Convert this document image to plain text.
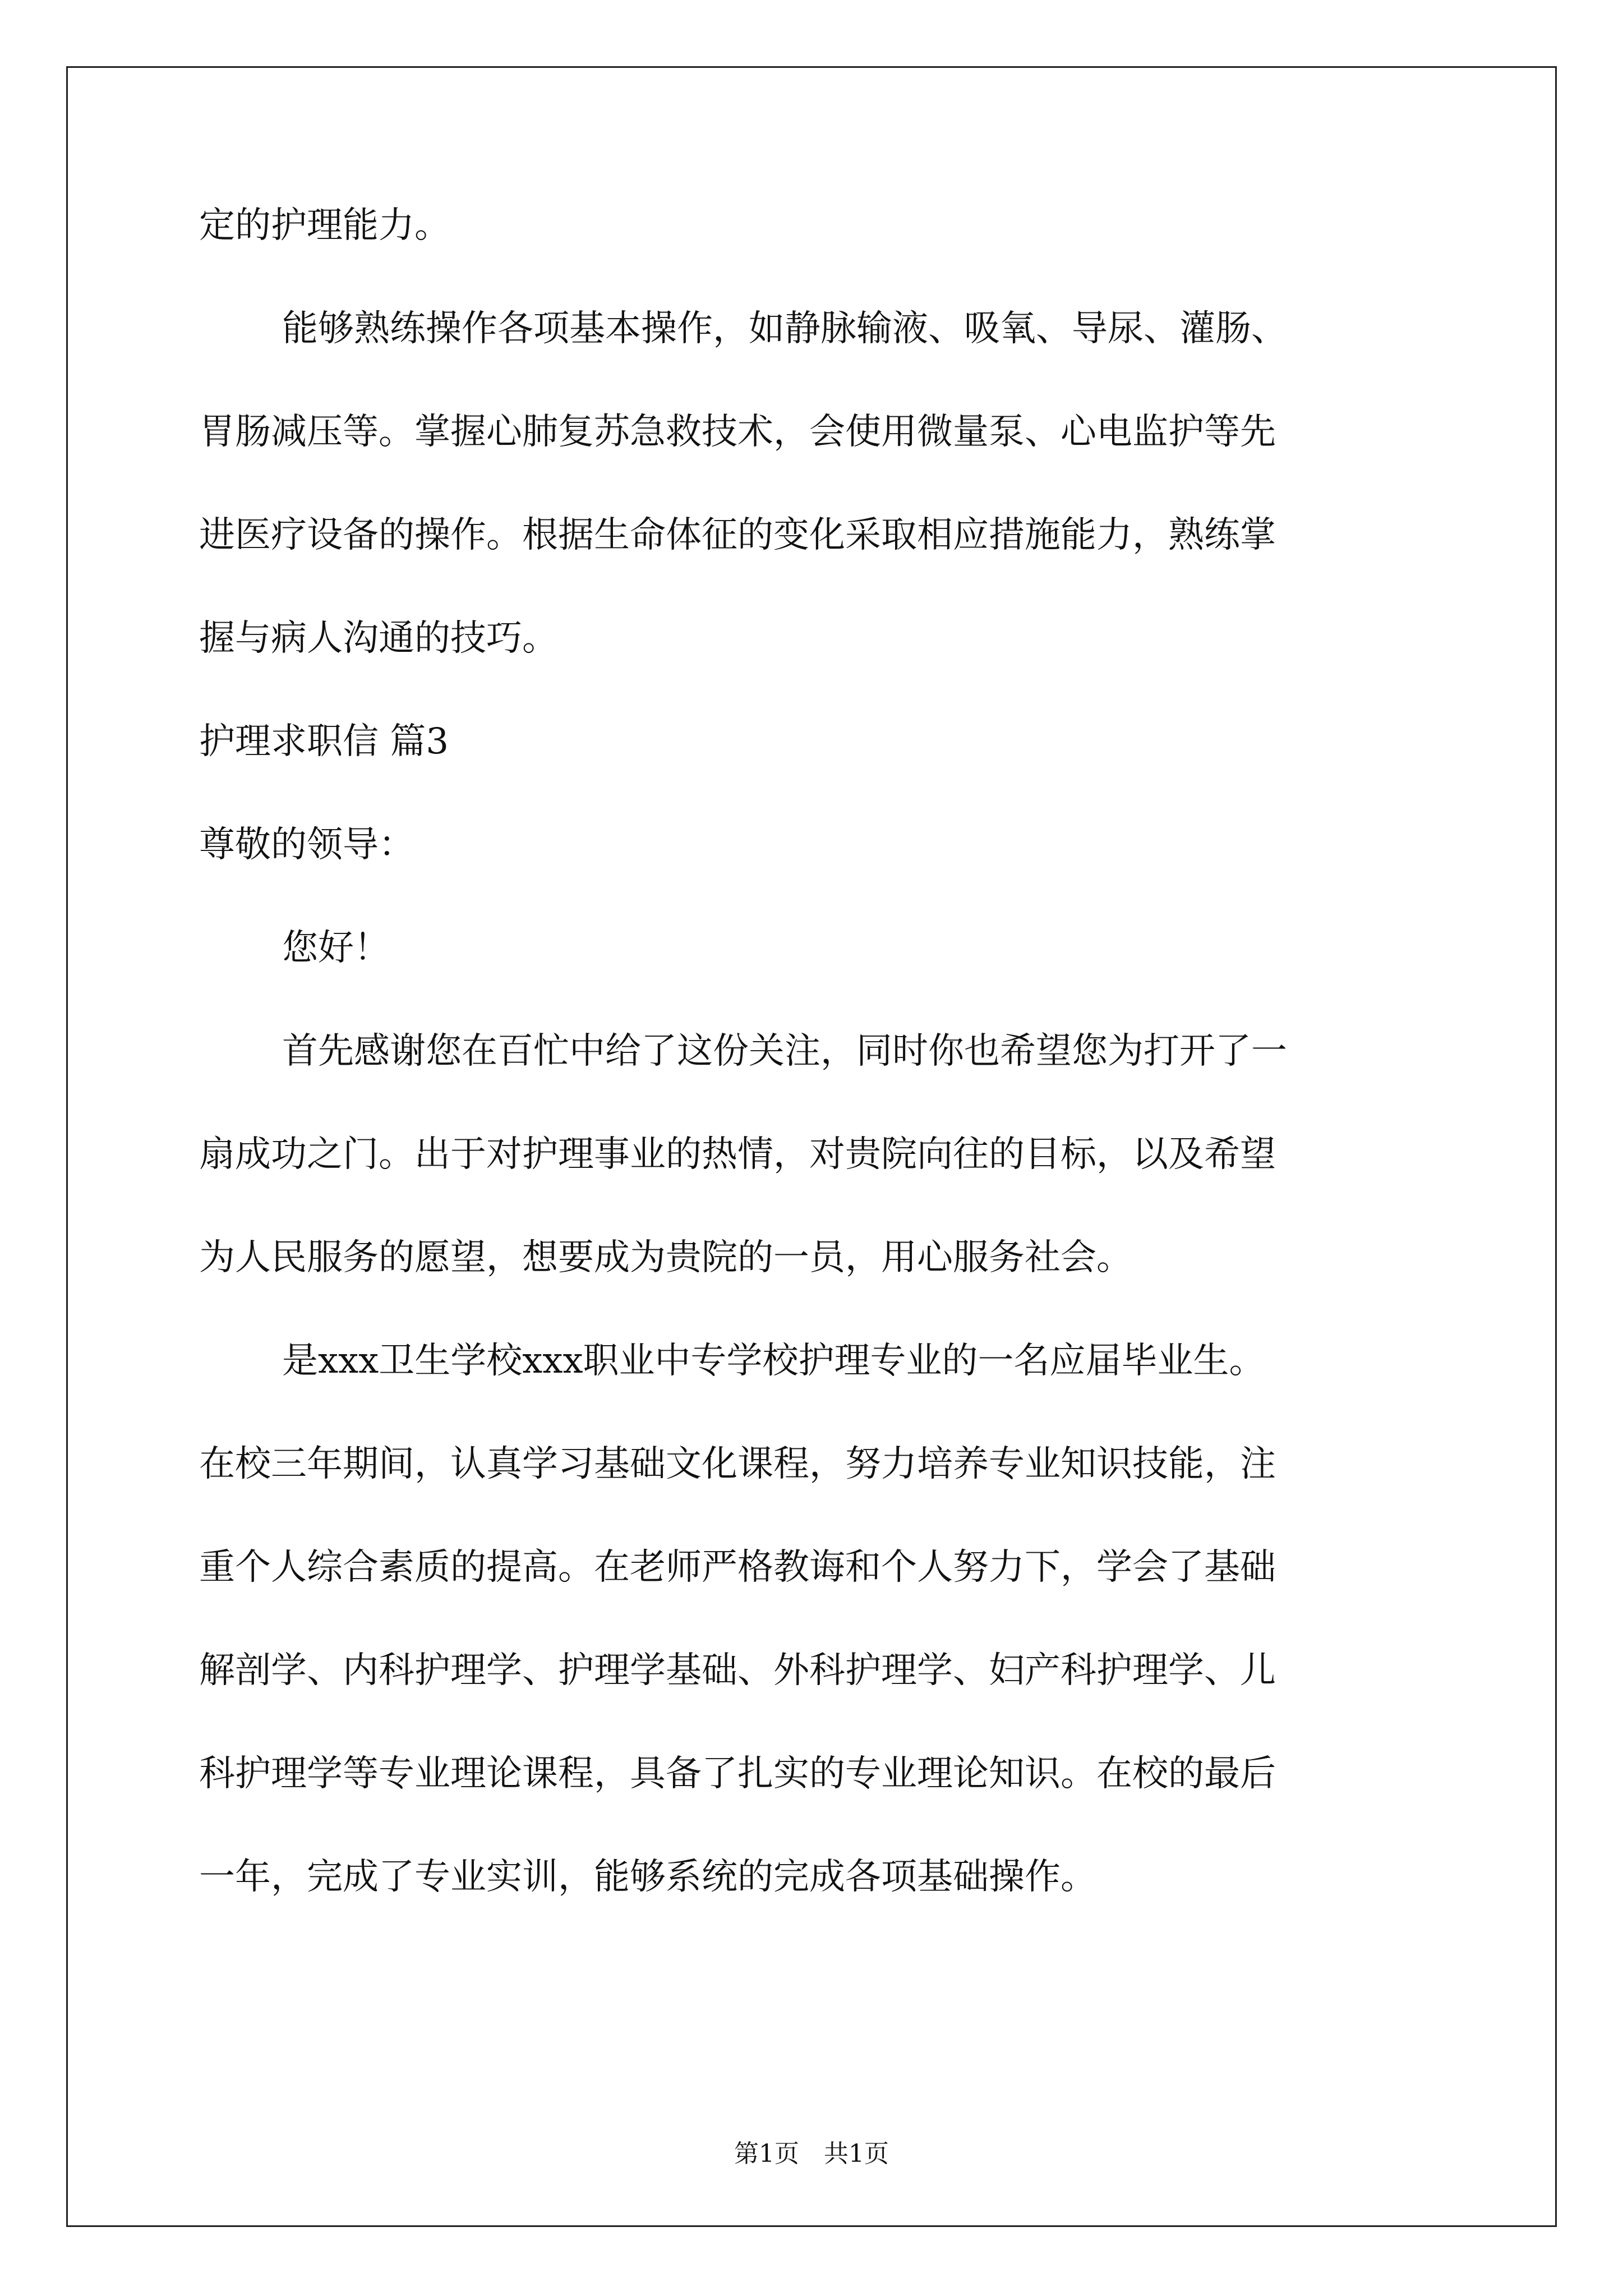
定的护理能力。
能够熟练操作各项基本操作，如静脉输液、吸氧、导尿、灌肠、
胃肠减压等。掌握心肺复苏急救技术，会使用微量泵、心电监护等先
进医疗设备的操作。根据生命体征的变化采取相应措施能力，熟练掌
握与病人沟通的技巧。
护理求职信 篇3
尊敬的领导：
您好！
首先感谢您在百忙中给了这份关注，同时你也希望您为打开了一
扇成功之门。出于对护理事业的热情，对贵院向往的目标，以及希望
为人民服务的愿望，想要成为贵院的一员，用心服务社会。
是xxx卫生学校xxx职业中专学校护理专业的一名应届毕业生。
在校三年期间，认真学习基础文化课程，努力培养专业知识技能，注
重个人综合素质的提高。在老师严格教诲和个人努力下，学会了基础
解剖学、内科护理学、护理学基础、外科护理学、妇产科护理学、儿
科护理学等专业理论课程，具备了扎实的专业理论知识。在校的最后
一年，完成了专业实训，能够系统的完成各项基础操作。
第1页　共1页
